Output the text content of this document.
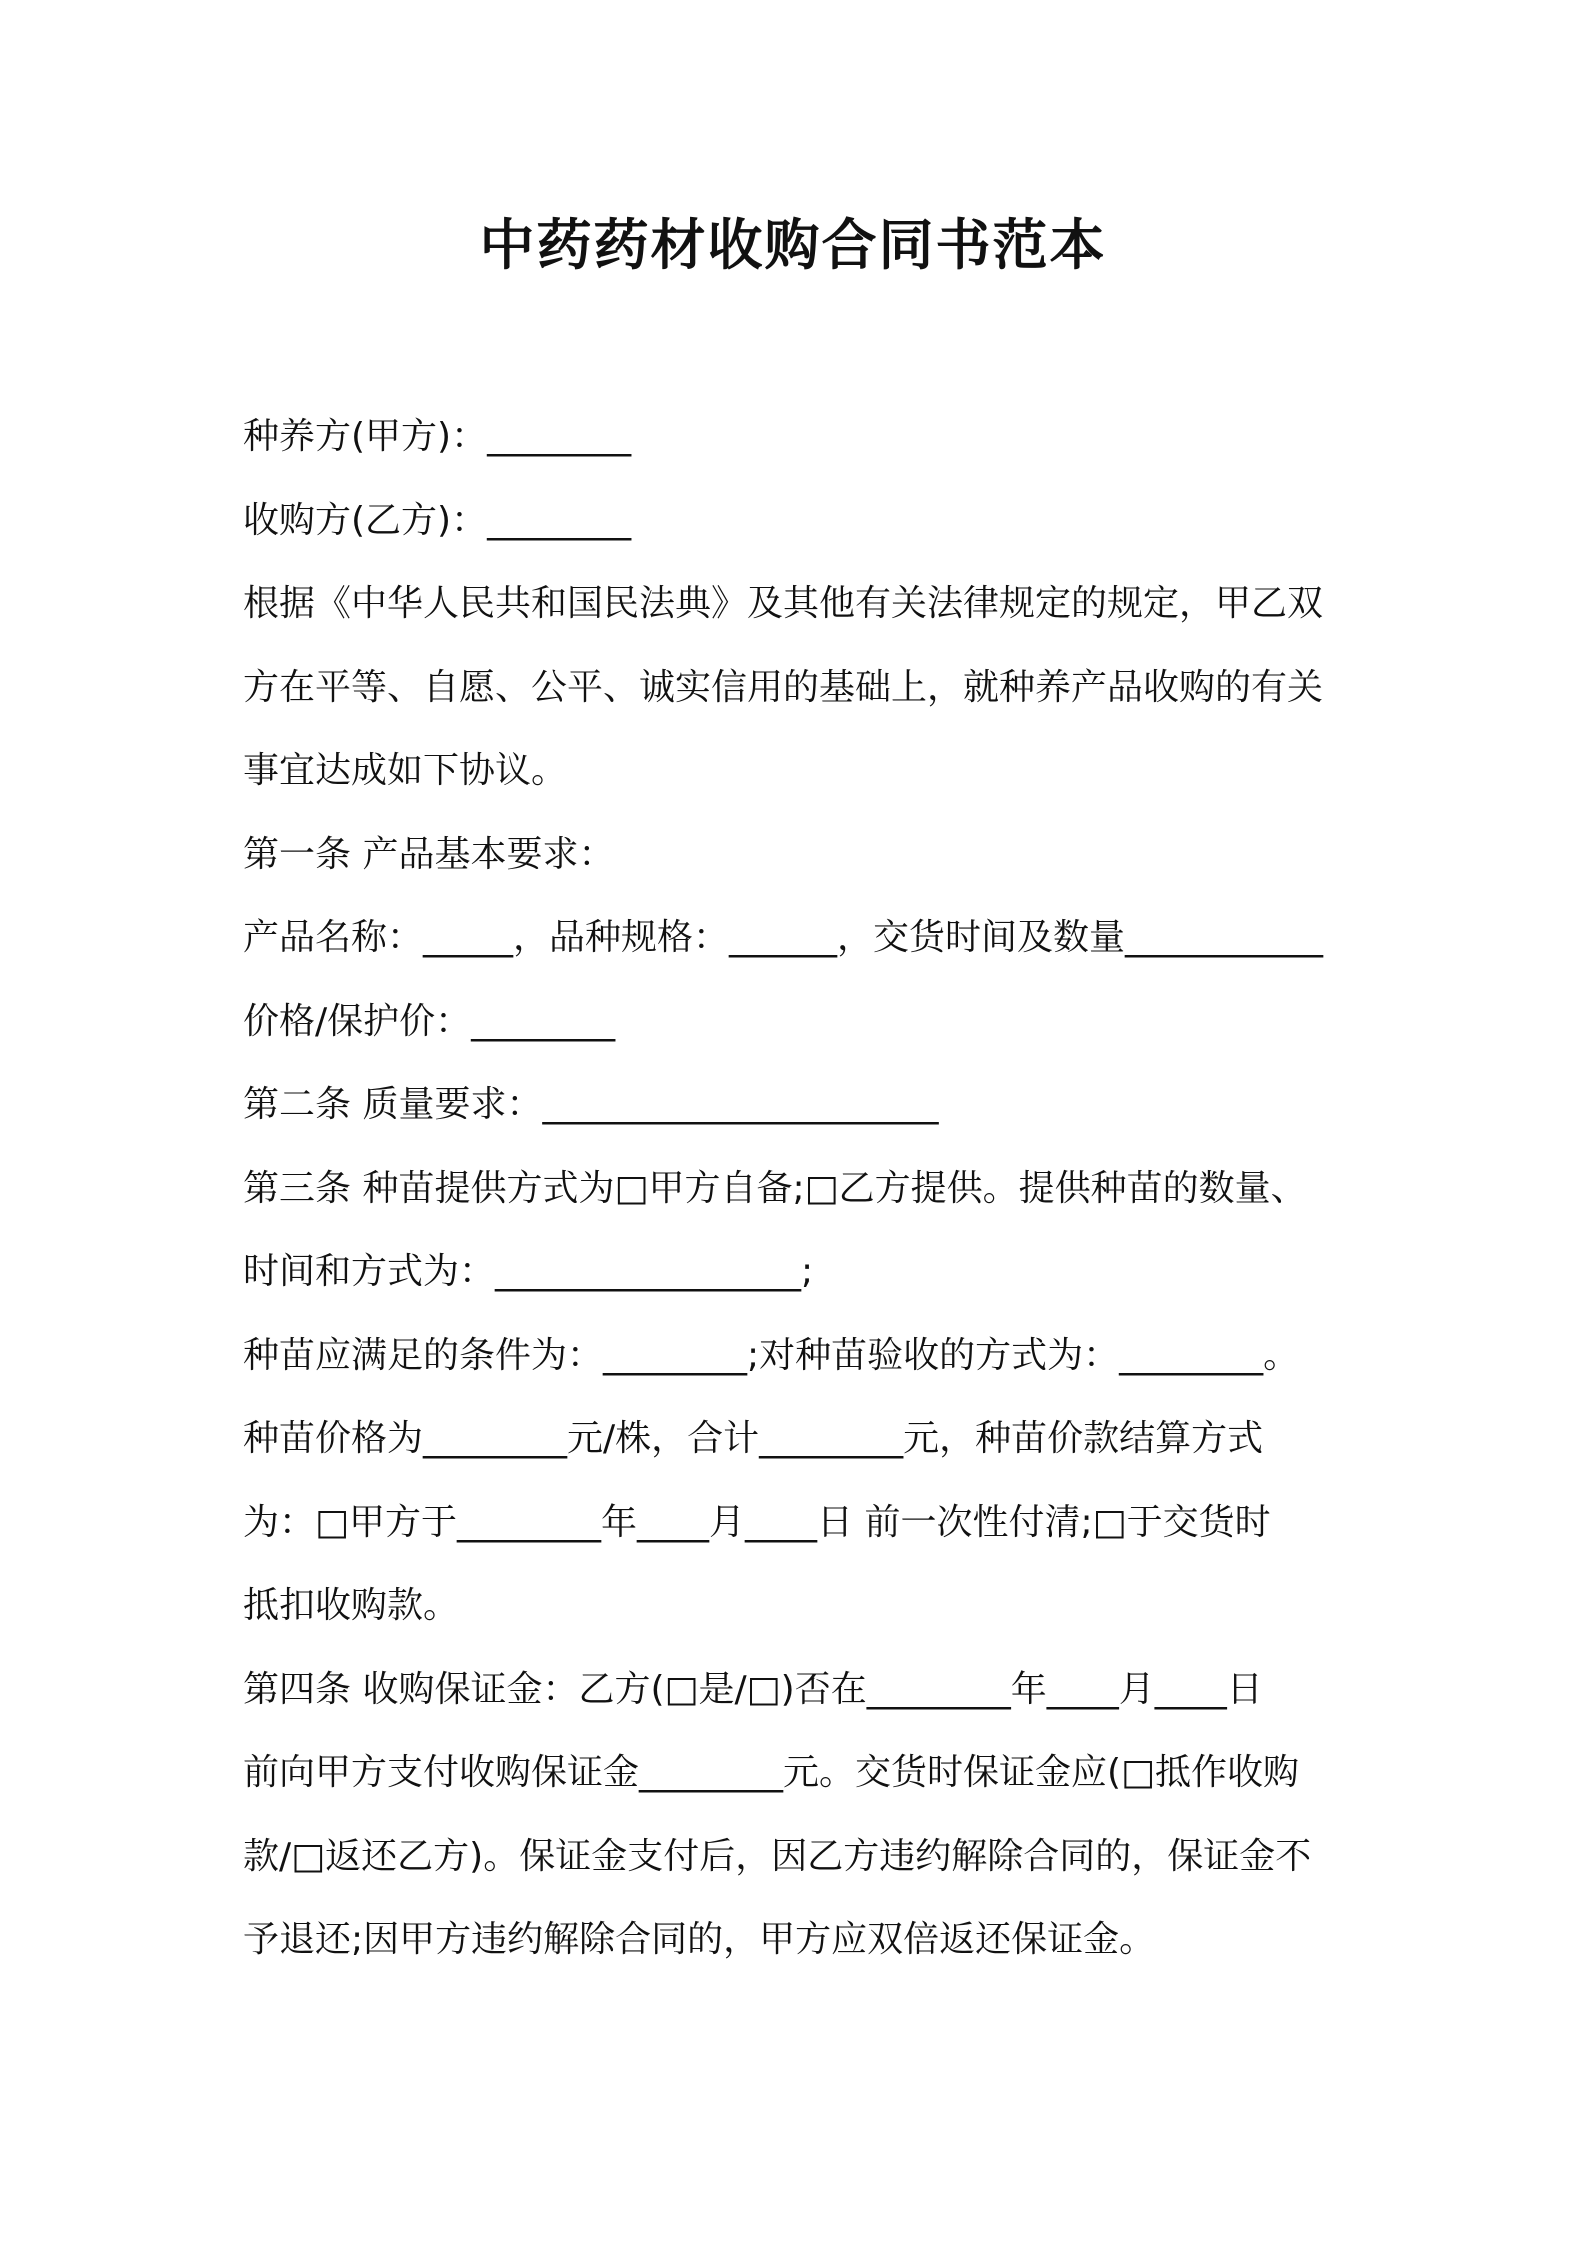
中药药材收购合同书范本

种养方(甲方)：________

收购方(乙方)：________

根据《中华人民共和国民法典》及其他有关法律规定的规定，甲乙双

方在平等、自愿、公平、诚实信用的基础上，就种养产品收购的有关

事宜达成如下协议。

第一条 产品基本要求：

产品名称：_____，品种规格：______，交货时间及数量___________

价格/保护价：________

第二条 质量要求：______________________

第三条 种苗提供方式为□甲方自备;□乙方提供。提供种苗的数量、

时间和方式为：_________________;

种苗应满足的条件为：________;对种苗验收的方式为：________。

种苗价格为________元/株，合计________元，种苗价款结算方式

为：□甲方于________年____月____日 前一次性付清;□于交货时

抵扣收购款。

第四条 收购保证金：乙方(□是/□)否在________年____月____日

前向甲方支付收购保证金________元。交货时保证金应(□抵作收购

款/□返还乙方)。保证金支付后，因乙方违约解除合同的，保证金不

予退还;因甲方违约解除合同的，甲方应双倍返还保证金。
